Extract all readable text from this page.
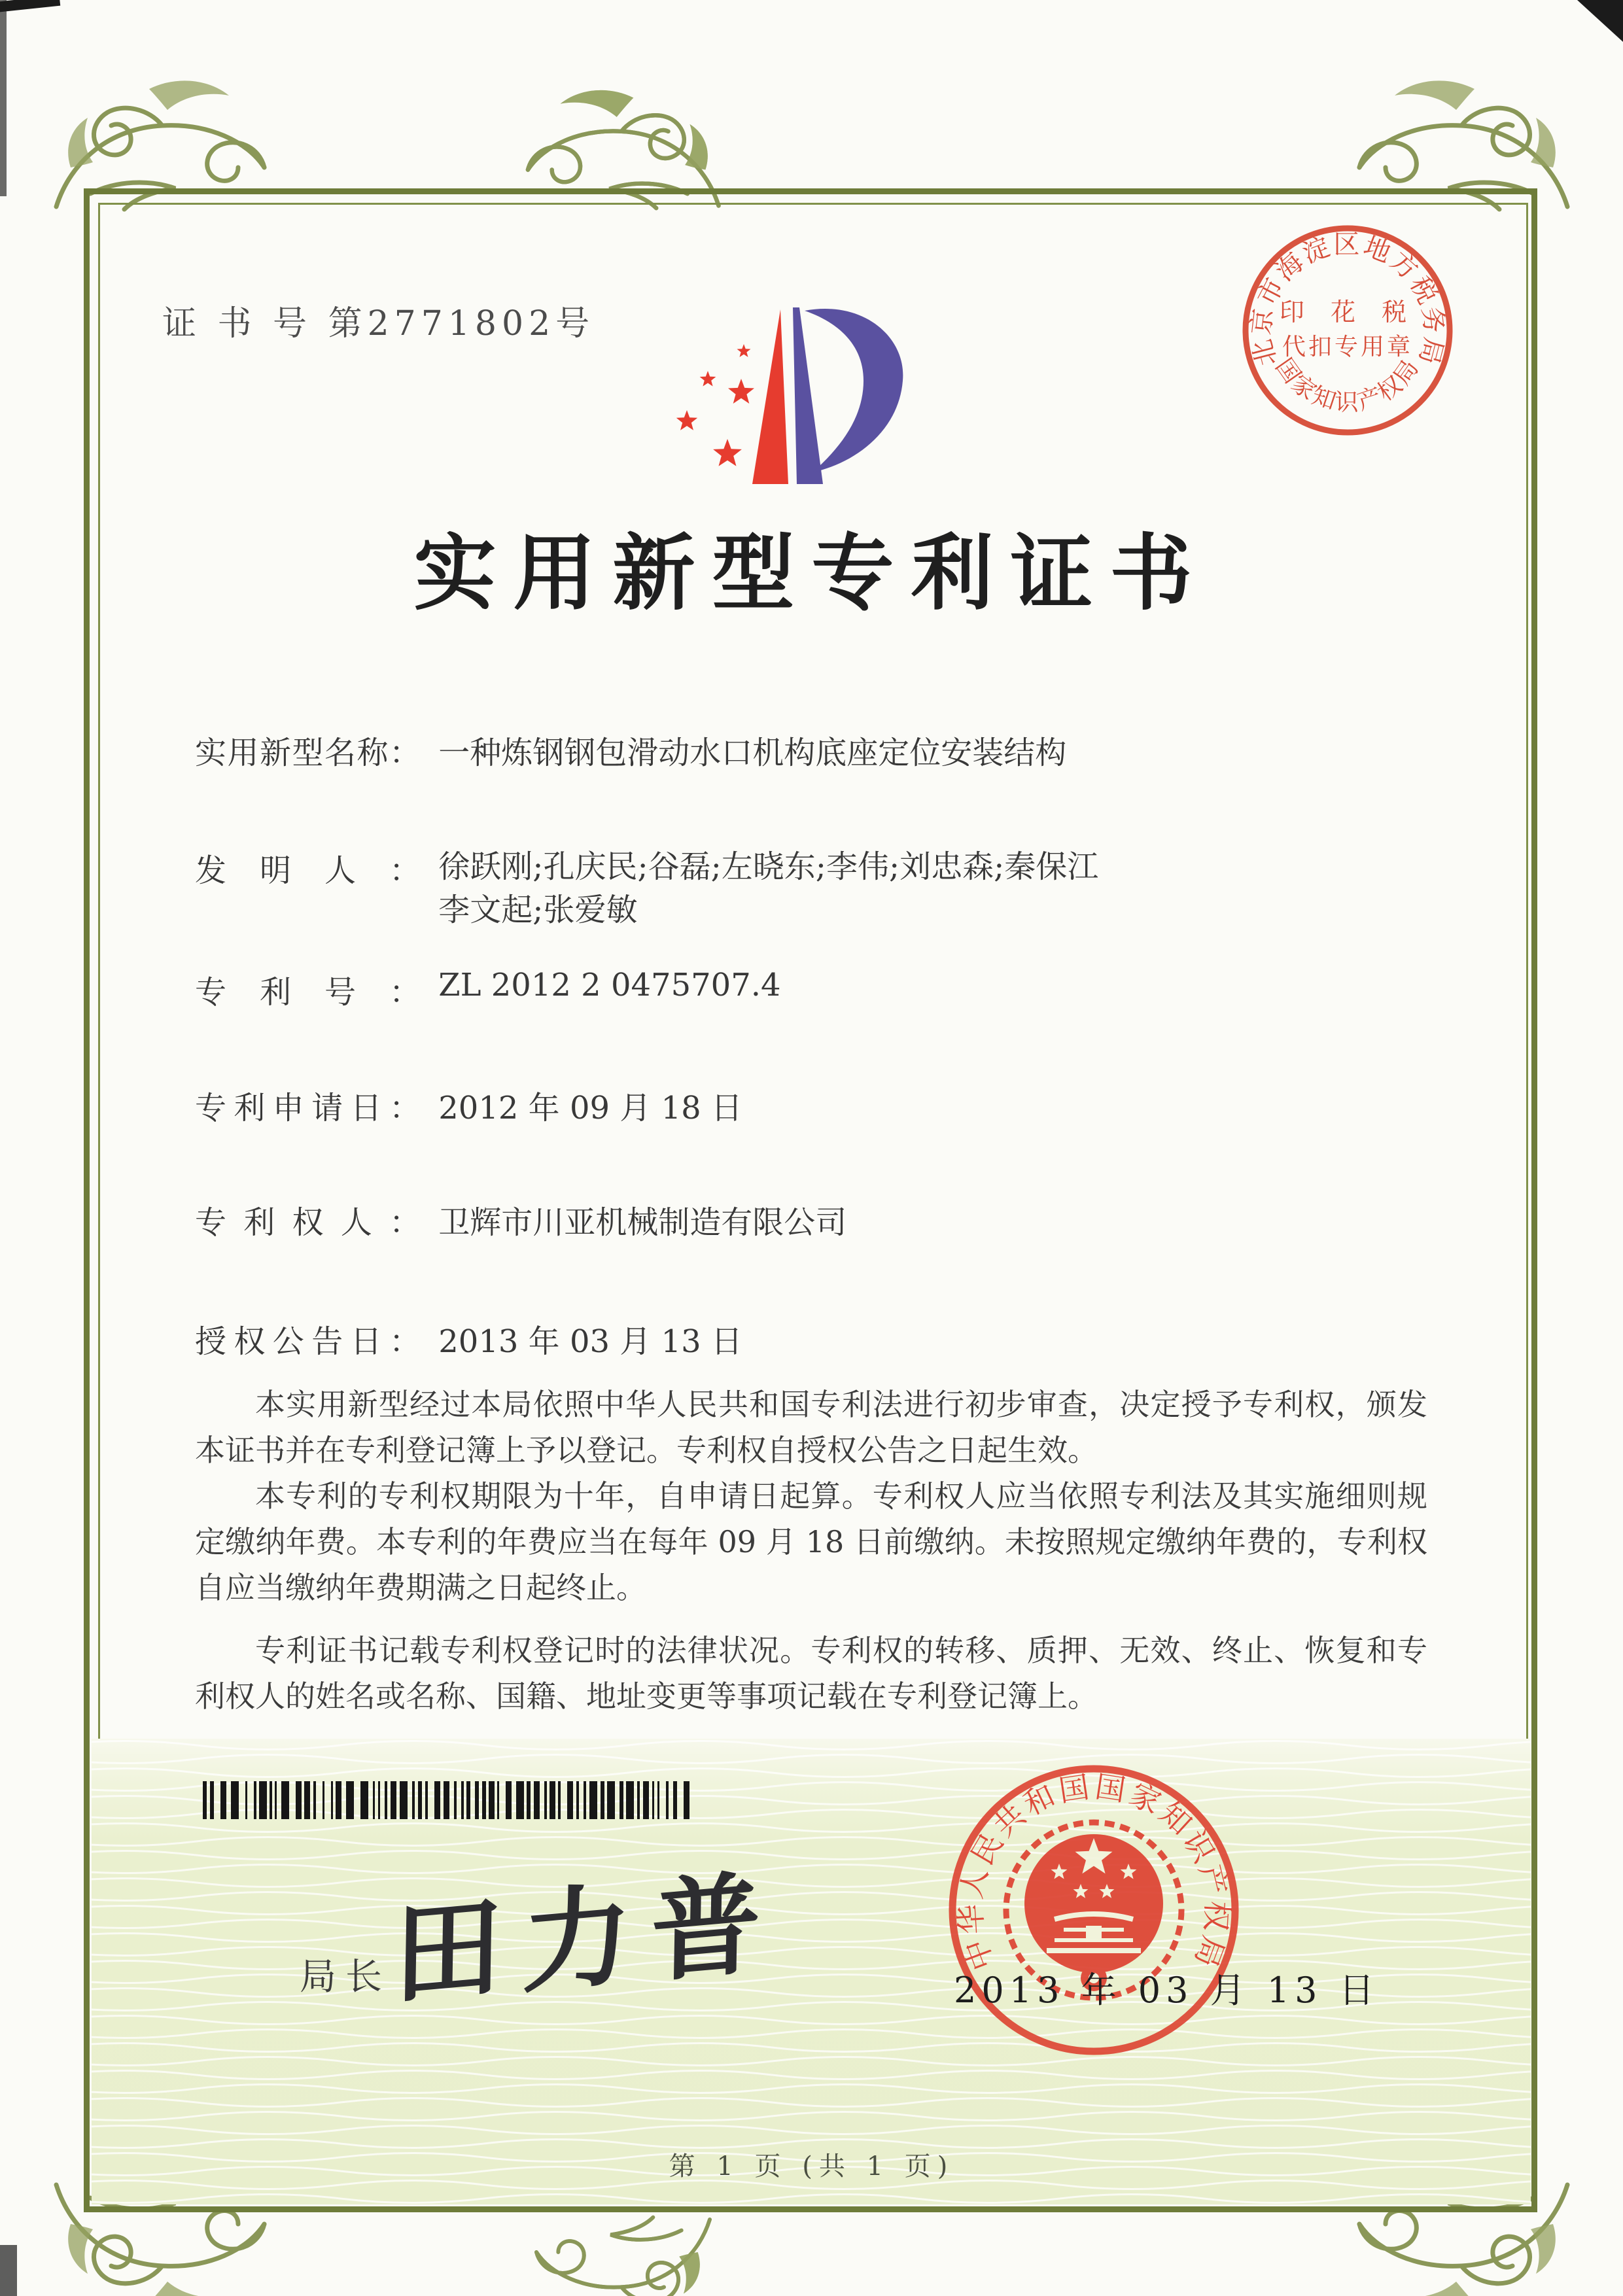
证 书 号 第2771802号
北京市海淀区地方税务局
国家知识产权局
印 花 税
代扣专用章
实用新型专利证书
实用新型名称： 一种炼钢钢包滑动水口机构底座定位安装结构
发明人： 徐跃刚;孔庆民;谷磊;左晓东;李伟;刘忠森;秦保江
李文起;张爱敏
专利号： ZL 2012 2 0475707.4
专利申请日： 2012 年 09 月 18 日
专利权人： 卫辉市川亚机械制造有限公司
授权公告日： 2013 年 03 月 13 日

本实用新型经过本局依照中华人民共和国专利法进行初步审查，决定授予专利权，颁发本证书并在专利登记簿上予以登记。专利权自授权公告之日起生效。

本专利的专利权期限为十年，自申请日起算。专利权人应当依照专利法及其实施细则规定缴纳年费。本专利的年费应当在每年 09 月 18 日前缴纳。未按照规定缴纳年费的，专利权自应当缴纳年费期满之日起终止。

专利证书记载专利权登记时的法律状况。专利权的转移、质押、无效、终止、恢复和专利权人的姓名或名称、国籍、地址变更等事项记载在专利登记簿上。

局长 田力普	中华人民共和国国家知识产权局
2013 年 03 月 13 日
第 1 页 (共 1 页)
